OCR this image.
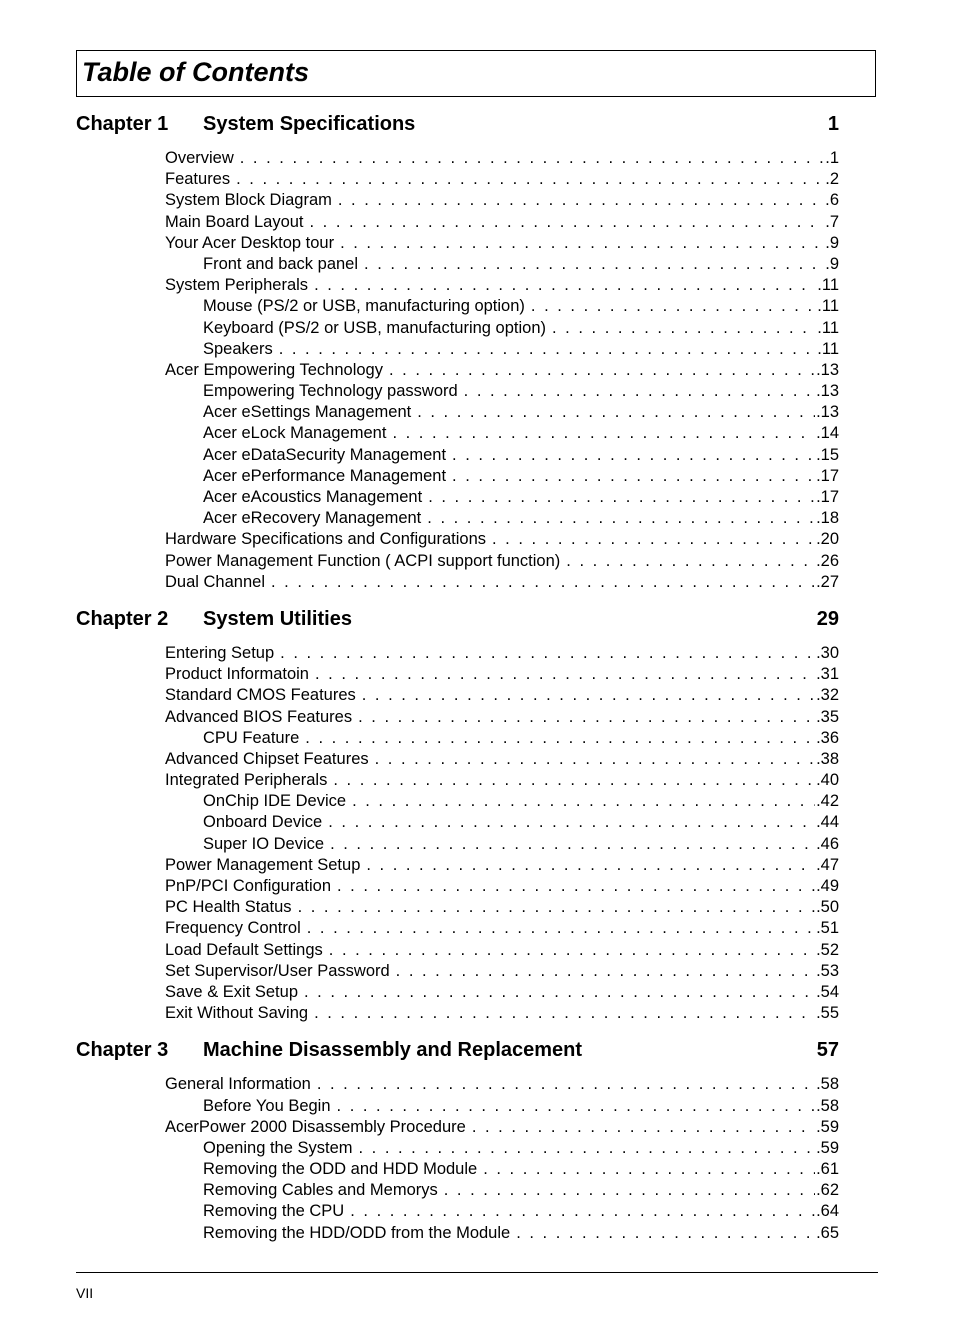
Table of Contents
Chapter 1 System Specifications	1
Overview . . .	.1
Features . . .	.2
System Block Diagram . . .	6
Main Board Layout . . .	.7
Your Acer Desktop tour . . .	.9
Front and back panel . . .	.9
System Peripherals . . .	.11
Mouse (PS/2 or USB, manufacturing option) . . .	.11
Keyboard (PS/2 or USB, manufacturing option) . . .	.11
Speakers . . .	.11
Acer Empowering Technology . . .	.13
Empowering Technology password . . .	.13
Acer eSettings Management . . .	.13
Acer eLock Management . . .	.14
Acer eDataSecurity Management . . .	.15
Acer ePerformance Management . . .	.17
Acer eAcoustics Management . . .	.17
Acer eRecovery Management . . .	.18
Hardware Specifications and Configurations . . .	.20
Power Management Function ( ACPI support function) . . .	.26
Dual Channel . . .	.27
Chapter 2 System Utilities	29
Entering Setup . . .	.30
Product Informatoin . . .	.31
Standard CMOS Features . . .	.32
Advanced BIOS Features . . .	.35
CPU Feature . . .	.36
Advanced Chipset Features . . .	.38
Integrated Peripherals . . .	.40
OnChip IDE Device . . .	.42
Onboard Device . . .	.44
Super IO Device . . .	.46
Power Management Setup . . .	.47
PnP/PCI Configuration . . .	.49
PC Health Status . . .	.50
Frequency Control . . .	.51
Load Default Settings . . .	.52
Set Supervisor/User Password . . .	.53
Save & Exit Setup . . .	.54
Exit Without Saving . . .	.55
Chapter 3 Machine Disassembly and Replacement	57
General Information . . .	.58
Before You Begin . . .	.58
AcerPower 2000 Disassembly Procedure . . .	.59
Opening the System . . .	.59
Removing the ODD and HDD Module . . .	.61
Removing Cables and Memorys . . .	.62
Removing the CPU . . .	.64
Removing the HDD/ODD from the Module . . .	.65
VII
